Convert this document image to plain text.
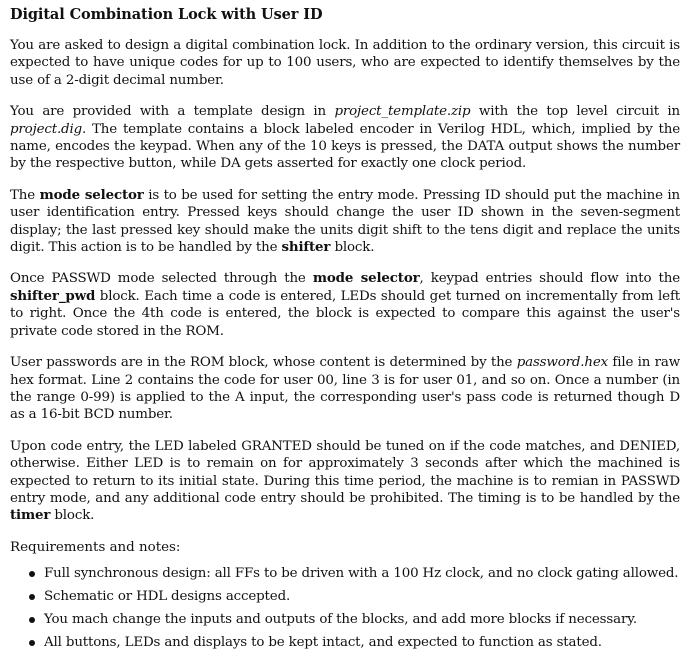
Digital Combination Lock with User ID

You are asked to design a digital combination lock. In addition to the ordinary version, this circuit is expected to have unique codes for up to 100 users, who are expected to identify themselves by the use of a 2-digit decimal number.

You are provided with a template design in project_template.zip with the top level circuit in project.dig. The template contains a block labeled encoder in Verilog HDL, which, implied by the name, encodes the keypad. When any of the 10 keys is pressed, the DATA output shows the number by the respective button, while DA gets asserted for exactly one clock period.

The mode selector is to be used for setting the entry mode. Pressing ID should put the machine in user identification entry. Pressed keys should change the user ID shown in the seven-segment display; the last pressed key should make the units digit shift to the tens digit and replace the units digit. This action is to be handled by the shifter block.

Once PASSWD mode selected through the mode selector, keypad entries should flow into the shifter_pwd block. Each time a code is entered, LEDs should get turned on incrementally from left to right. Once the 4th code is entered, the block is expected to compare this against the user's private code stored in the ROM.

User passwords are in the ROM block, whose content is determined by the password.hex file in raw hex format. Line 2 contains the code for user 00, line 3 is for user 01, and so on. Once a number (in the range 0-99) is applied to the A input, the corresponding user's pass code is returned though D as a 16-bit BCD number.

Upon code entry, the LED labeled GRANTED should be tuned on if the code matches, and DENIED, otherwise. Either LED is to remain on for approximately 3 seconds after which the machined is expected to return to its initial state. During this time period, the machine is to remian in PASSWD entry mode, and any additional code entry should be prohibited. The timing is to be handled by the timer block.

Requirements and notes:
Full synchronous design: all FFs to be driven with a 100 Hz clock, and no clock gating allowed.
Schematic or HDL designs accepted.
You mach change the inputs and outputs of the blocks, and add more blocks if necessary.
All buttons, LEDs and displays to be kept intact, and expected to function as stated.
